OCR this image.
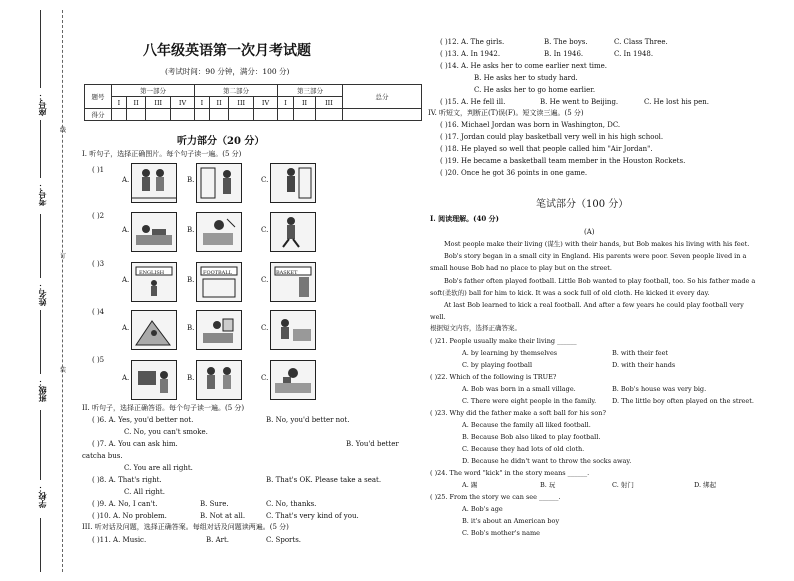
座号：
考号：
姓名：
班级：
学校：
线
订
装
八年级英语第一次月考试题
(考试时间：90 分钟，满分：100 分)
题号	第一部分				第二部分				第三部分			总分
	I	II	III	IV	I	II	III	IV	I	II	III	
得分												
听力部分（20 分）
I. 听句子，选择正确图片。每个句子读一遍。(5 分)
( )1
( )2
( )3
( )4
( )5
A.	B.	C.
A.	B.	C.
A.	B.	C.
A.	B.	C.
A.	B.	C.
ENGLISH	FOOTBALL	BASKET
II. 听句子，选择正确答语。每个句子读一遍。(5 分)
( )6. A. Yes, you'd better not.	B. No, you'd better not.
C. No, you can't smoke.
( )7. A. You can ask him.	B. You'd better
catcha bus.
C. You are all right.
( )8. A. That's right.	B. That's OK. Please take a seat.
C. All right.
( )9. A. No, I can't.	B. Sure.	C. No, thanks.
( )10. A. No problem.	B. Not at all.	C. That's very kind of you.
III. 听对话及问题，选择正确答案。每组对话及问题读两遍。(5 分)
( )11. A. Music.	B. Art.	C. Sports.
( )12. A. The girls.	B. The boys.	C. Class Three.
( )13. A. In 1942.	B. In 1946.	C. In 1948.
( )14. A. He asks her to come earlier next time.
B. He asks her to study hard.
C. He asks her to go home earlier.
( )15. A. He fell ill.	B. He went to Beijing.	C. He lost his pen.
IV. 听短文，判断正(T)误(F)。短文读三遍。(5 分)
( )16. Michael Jordan was born in Washington, DC.
( )17. Jordan could play basketball very well in his high school.
( )18. He played so well that people called him "Air Jordan".
( )19. He became a basketball team member in the Houston Rockets.
( )20. Once he got 36 points in one game.
笔试部分（100 分）
I. 阅读理解。(40 分)
(A)
Most people make their living (谋生) with their hands, but Bob makes his living with his feet.
Bob's story began in a small city in England. His parents were poor. Seven people lived in a
small house Bob had no place to play but on the street.
Bob's father often played football. Little Bob wanted to play football, too. So his father made a
soft(柔软的) ball for him to kick. It was a sock full of old cloth. He kicked it every day.
At last Bob learned to kick a real football. And after a few years he could play football very
well.
根据短文内容，选择正确答案。
( )21. People usually make their living ______
A. by learning by themselves	B. with their feet
C. by playing football	D. with their hands
( )22. Which of the following is TRUE?
A. Bob was born in a small village.	B. Bob's house was very big.
C. There were eight people in the family. D. The little boy often played on the street.
( )23. Why did the father make a soft ball for his son?
A. Because the family all liked football.
B. Because Bob also liked to play football.
C. Because they had lots of old cloth.
D. Because he didn't want to throw the socks away.
( )24. The word "kick" in the story means ______.
A. 踢	B. 玩	C. 射门	D. 绑起
( )25. From the story we can see ______.
A. Bob's age
B. it's about an American boy
C. Bob's mother's name
